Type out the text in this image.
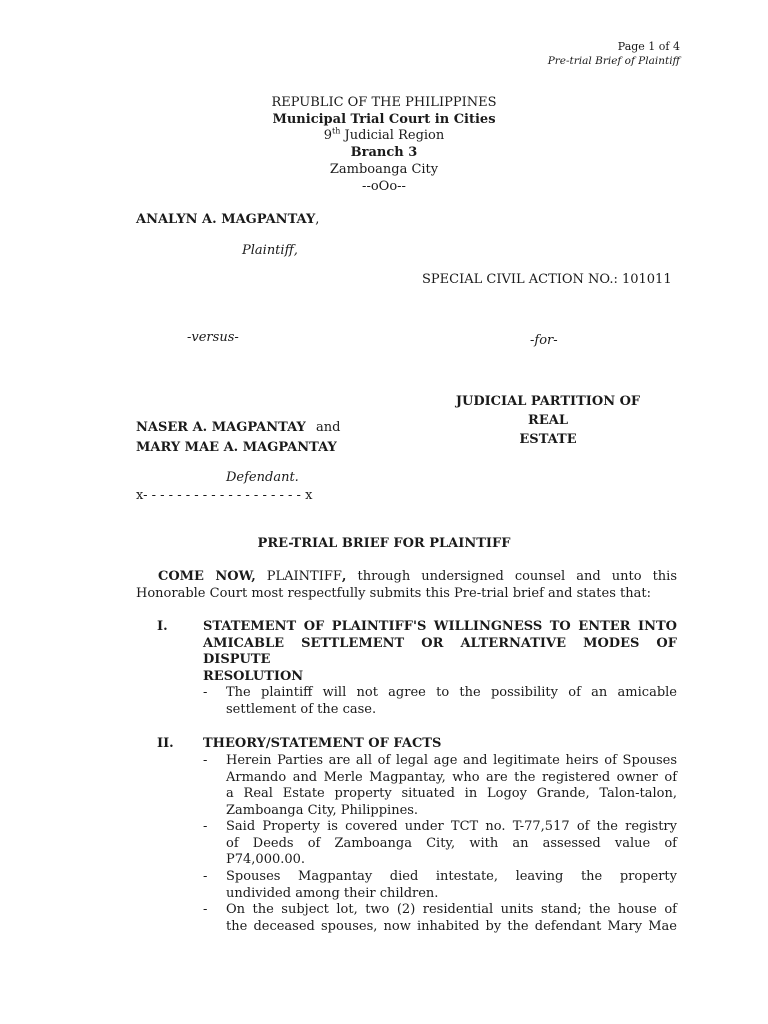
Page 1 of 4
Pre-trial Brief of Plaintiff
REPUBLIC OF THE PHILIPPINES
Municipal Trial Court in Cities
9th Judicial Region
Branch 3
Zamboanga City
--oOo--
ANALYN A. MAGPANTAY,
Plaintiff,
SPECIAL CIVIL ACTION NO.: 101011
-versus-	-for-
JUDICIAL PARTITION OF REAL
ESTATE
NASER A. MAGPANTAY and
MARY MAE A. MAGPANTAY
Defendant.
x- - - - - - - - - - - - - - - - - - - x
PRE-TRIAL BRIEF FOR PLAINTIFF
COME NOW, PLAINTIFF, through undersigned counsel and unto this
Honorable Court most respectfully submits this Pre-trial brief and states that:
I.	STATEMENT OF PLAINTIFF'S WILLINGNESS TO ENTER INTO
AMICABLE SETTLEMENT OR ALTERNATIVE MODES OF DISPUTE
RESOLUTION
- The plaintiff will not agree to the possibility of an amicable
settlement of the case.
II. THEORY/STATEMENT OF FACTS
- Herein Parties are all of legal age and legitimate heirs of Spouses
Armando and Merle Magpantay, who are the registered owner of
a Real Estate property situated in Logoy Grande, Talon-talon,
Zamboanga City, Philippines.
- Said Property is covered under TCT no. T-77,517 of the registry
of Deeds of Zamboanga City, with an assessed value of
P74,000.00.
- Spouses Magpantay died intestate, leaving the property
undivided among their children.
- On the subject lot, two (2) residential units stand; the house of
the deceased spouses, now inhabited by the defendant Mary Mae
